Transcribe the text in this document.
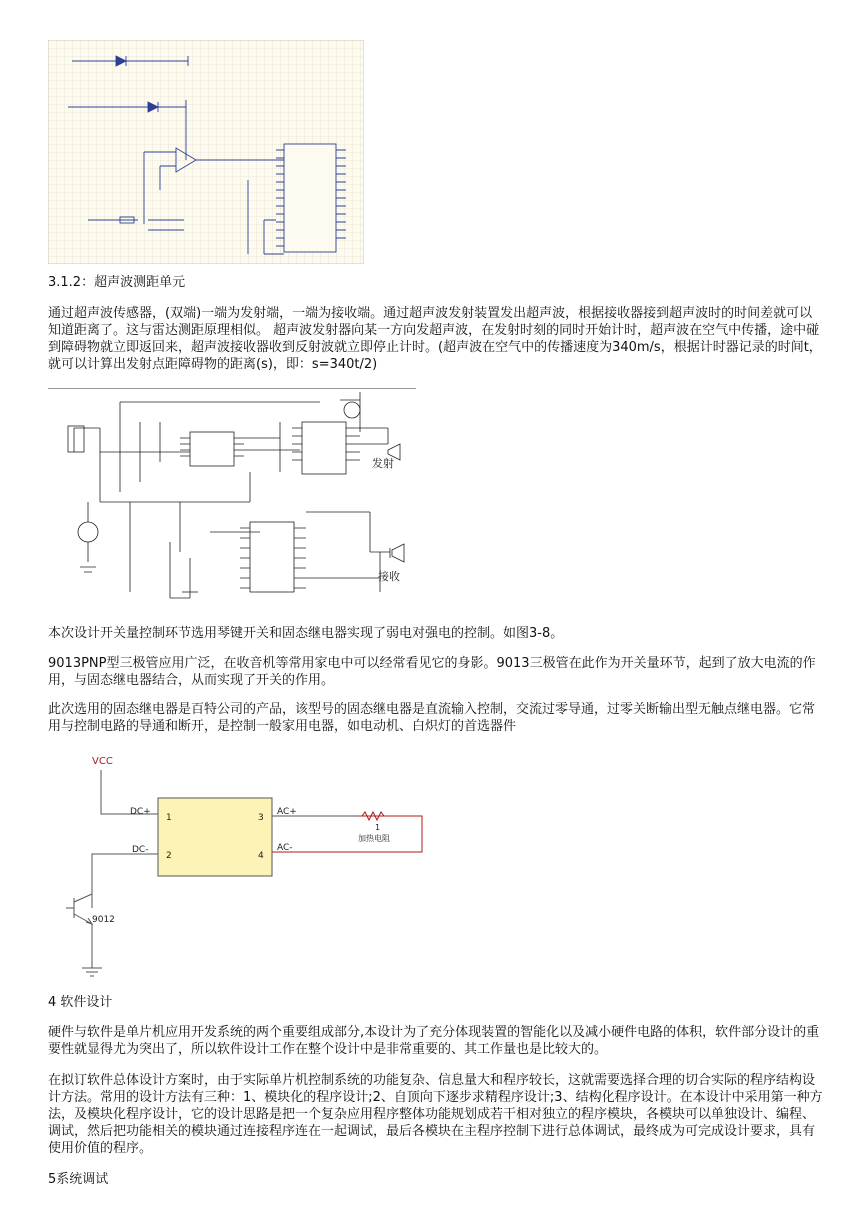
3.1.2：超声波测距单元

通过超声波传感器，(双端)一端为发射端，一端为接收端。通过超声波发射装置发出超声波，根据接收器接到超声波时的时间差就可以知道距离了。这与雷达测距原理相似。 超声波发射器向某一方向发超声波，在发射时刻的同时开始计时，超声波在空气中传播，途中碰到障碍物就立即返回来，超声波接收器收到反射波就立即停止计时。(超声波在空气中的传播速度为340m/s，根据计时器记录的时间t，就可以计算出发射点距障碍物的距离(s)，即：s=340t/2)

发射
接收

本次设计开关量控制环节选用琴键开关和固态继电器实现了弱电对强电的控制。如图3-8。

9013PNP型三极管应用广泛，在收音机等常用家电中可以经常看见它的身影。9013三极管在此作为开关量环节，起到了放大电流的作用，与固态继电器结合，从而实现了开关的作用。

此次选用的固态继电器是百特公司的产品，该型号的固态继电器是直流输入控制，交流过零导通，过零关断输出型无触点继电器。它常用与控制电路的导通和断开，是控制一般家用电器，如电动机、白炽灯的首选器件

VCC
DC+
DC-
AC+
AC-
1
2
3
4
9012
1
加热电阻

4 软件设计

硬件与软件是单片机应用开发系统的两个重要组成部分,本设计为了充分体现装置的智能化以及减小硬件电路的体积，软件部分设计的重要性就显得尤为突出了，所以软件设计工作在整个设计中是非常重要的、其工作量也是比较大的。

在拟订软件总体设计方案时，由于实际单片机控制系统的功能复杂、信息量大和程序较长，这就需要选择合理的切合实际的程序结构设计方法。常用的设计方法有三种：1、模块化的程序设计;2、自顶向下逐步求精程序设计;3、结构化程序设计。在本设计中采用第一种方法，及模块化程序设计，它的设计思路是把一个复杂应用程序整体功能规划成若干相对独立的程序模块，各模块可以单独设计、编程、调试，然后把功能相关的模块通过连接程序连在一起调试，最后各模块在主程序控制下进行总体调试，最终成为可完成设计要求，具有使用价值的程序。

5系统调试
